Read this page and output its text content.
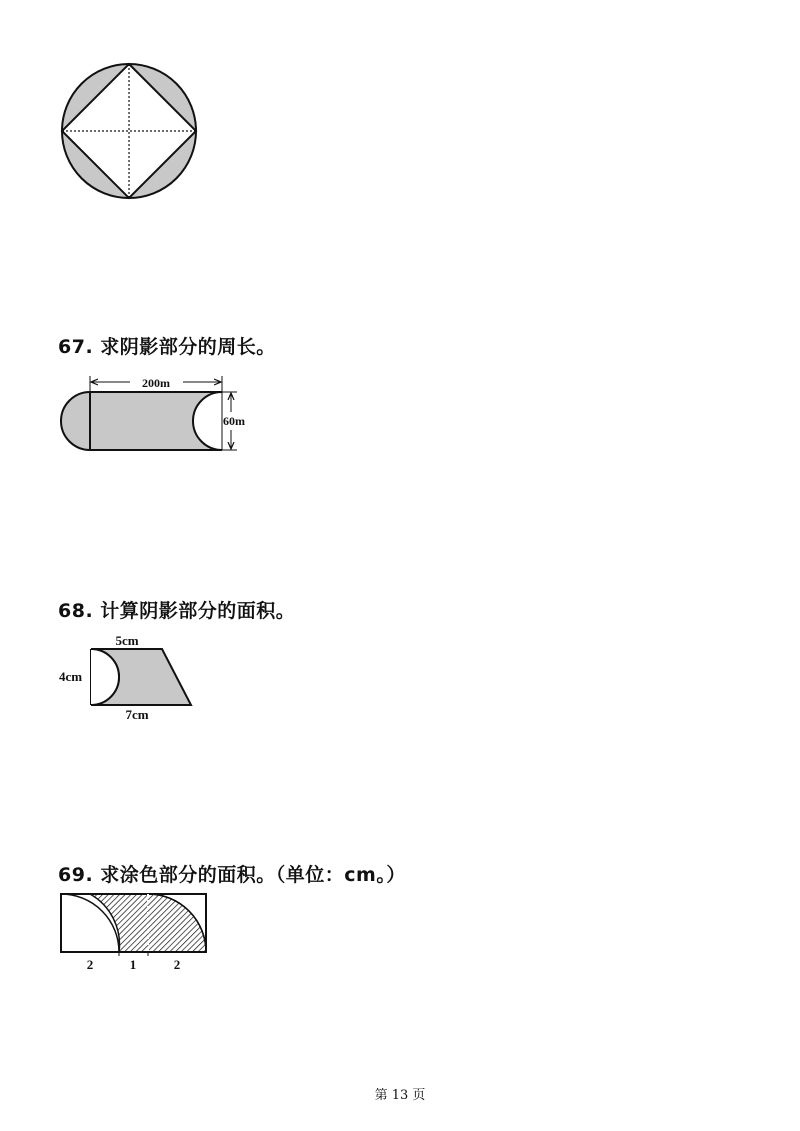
67. 求阴影部分的周长。
200m
60m
68. 计算阴影部分的面积。
5cm
4cm
7cm
69. 求涂色部分的面积。（单位：cm。）
2	1	2
第 13 页
